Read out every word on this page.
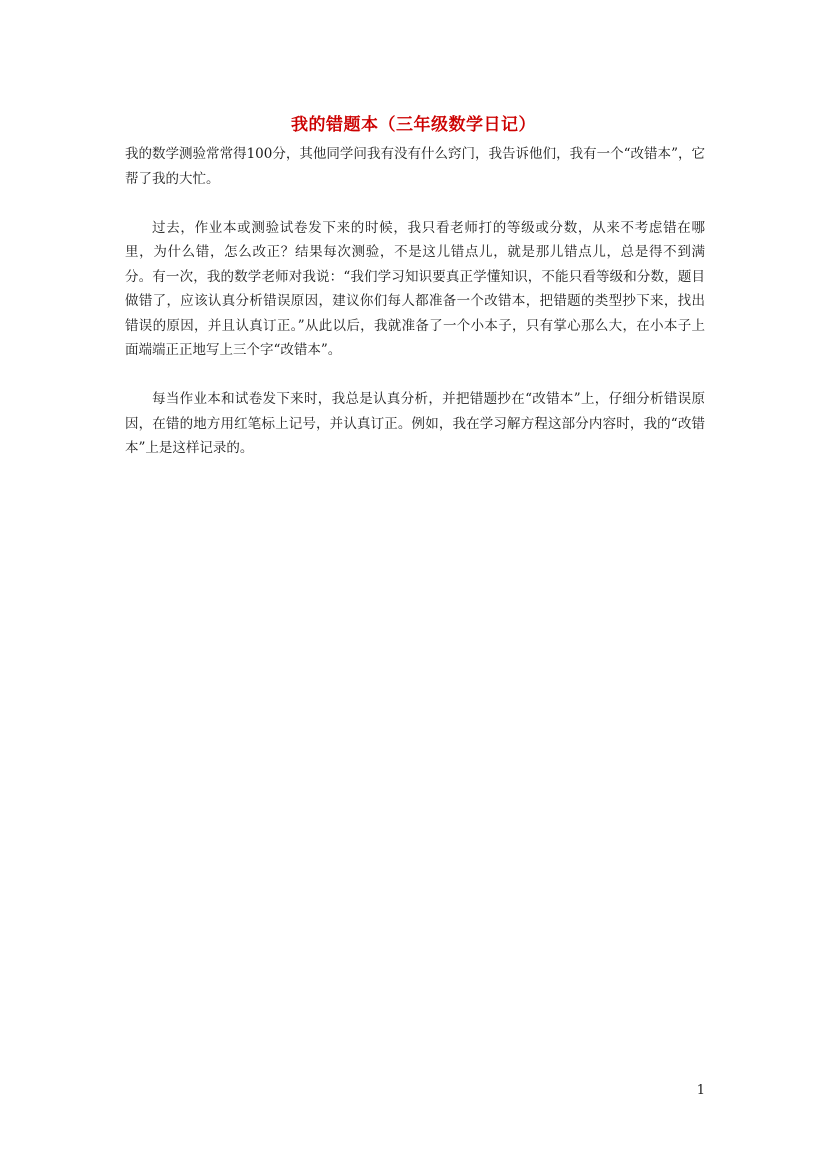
我的错题本（三年级数学日记）

我的数学测验常常得100分，其他同学问我有没有什么窍门，我告诉他们，我有一个“改错本”，它帮了我的大忙。

过去，作业本或测验试卷发下来的时候，我只看老师打的等级或分数，从来不考虑错在哪里，为什么错，怎么改正？结果每次测验，不是这儿错点儿，就是那儿错点儿，总是得不到满分。有一次，我的数学老师对我说：“我们学习知识要真正学懂知识，不能只看等级和分数，题目做错了，应该认真分析错误原因，建议你们每人都准备一个改错本，把错题的类型抄下来，找出错误的原因，并且认真订正。”从此以后，我就准备了一个小本子，只有掌心那么大，在小本子上面端端正正地写上三个字“改错本”。

每当作业本和试卷发下来时，我总是认真分析，并把错题抄在“改错本”上，仔细分析错误原因，在错的地方用红笔标上记号，并认真订正。例如，我在学习解方程这部分内容时，我的“改错本”上是这样记录的。

1
